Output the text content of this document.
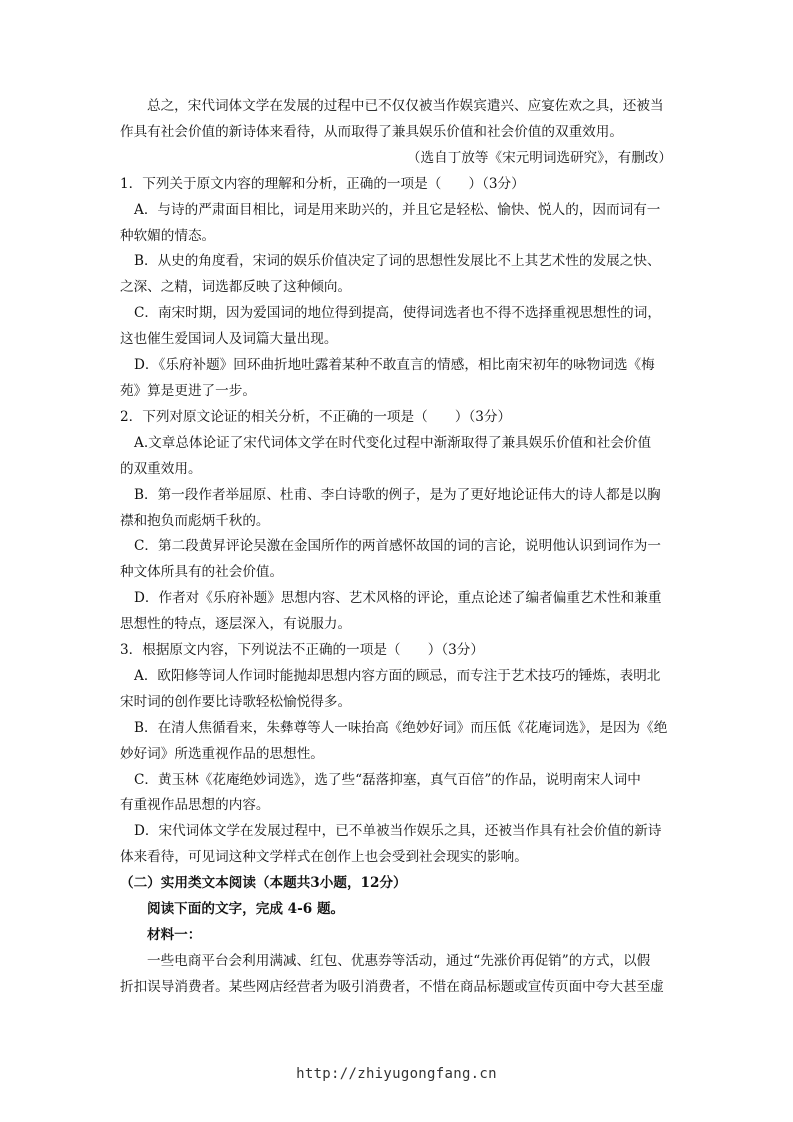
总之，宋代词体文学在发展的过程中已不仅仅被当作娱宾遣兴、应宴佐欢之具，还被当
作具有社会价值的新诗体来看待，从而取得了兼具娱乐价值和社会价值的双重效用。
（选自丁放等《宋元明词选研究》，有删改）
1．下列关于原文内容的理解和分析，正确的一项是（　　）（3分）
A．与诗的严肃面目相比，词是用来助兴的，并且它是轻松、愉快、悦人的，因而词有一
种软媚的情态。
B．从史的角度看，宋词的娱乐价值决定了词的思想性发展比不上其艺术性的发展之快、
之深、之精，词选都反映了这种倾向。
C．南宋时期，因为爱国词的地位得到提高，使得词选者也不得不选择重视思想性的词，
这也催生爱国词人及词篇大量出现。
D．《乐府补题》回环曲折地吐露着某种不敢直言的情感，相比南宋初年的咏物词选《梅
苑》算是更进了一步。
2．下列对原文论证的相关分析，不正确的一项是（　　）（3分）
A.文章总体论证了宋代词体文学在时代变化过程中渐渐取得了兼具娱乐价值和社会价值
的双重效用。
B．第一段作者举屈原、杜甫、李白诗歌的例子，是为了更好地论证伟大的诗人都是以胸
襟和抱负而彪炳千秋的。
C．第二段黄昇评论吴激在金国所作的两首感怀故国的词的言论，说明他认识到词作为一
种文体所具有的社会价值。
D．作者对《乐府补题》思想内容、艺术风格的评论，重点论述了编者偏重艺术性和兼重
思想性的特点，逐层深入，有说服力。
3．根据原文内容，下列说法不正确的一项是（　　）（3分）
A．欧阳修等词人作词时能抛却思想内容方面的顾忌，而专注于艺术技巧的锤炼，表明北
宋时词的创作要比诗歌轻松愉悦得多。
B．在清人焦循看来，朱彝尊等人一味抬高《绝妙好词》而压低《花庵词选》，是因为《绝
妙好词》所选重视作品的思想性。
C．黄玉林《花庵绝妙词选》，选了些“磊落抑塞，真气百倍”的作品，说明南宋人词中
有重视作品思想的内容。
D．宋代词体文学在发展过程中，已不单被当作娱乐之具，还被当作具有社会价值的新诗
体来看待，可见词这种文学样式在创作上也会受到社会现实的影响。
（二）实用类文本阅读（本题共3小题，12分）
阅读下面的文字，完成 4-6 题。
材料一：
一些电商平台会利用满减、红包、优惠券等活动，通过“先涨价再促销”的方式，以假
折扣误导消费者。某些网店经营者为吸引消费者，不惜在商品标题或宣传页面中夸大甚至虚
http://zhiyugongfang.cn
